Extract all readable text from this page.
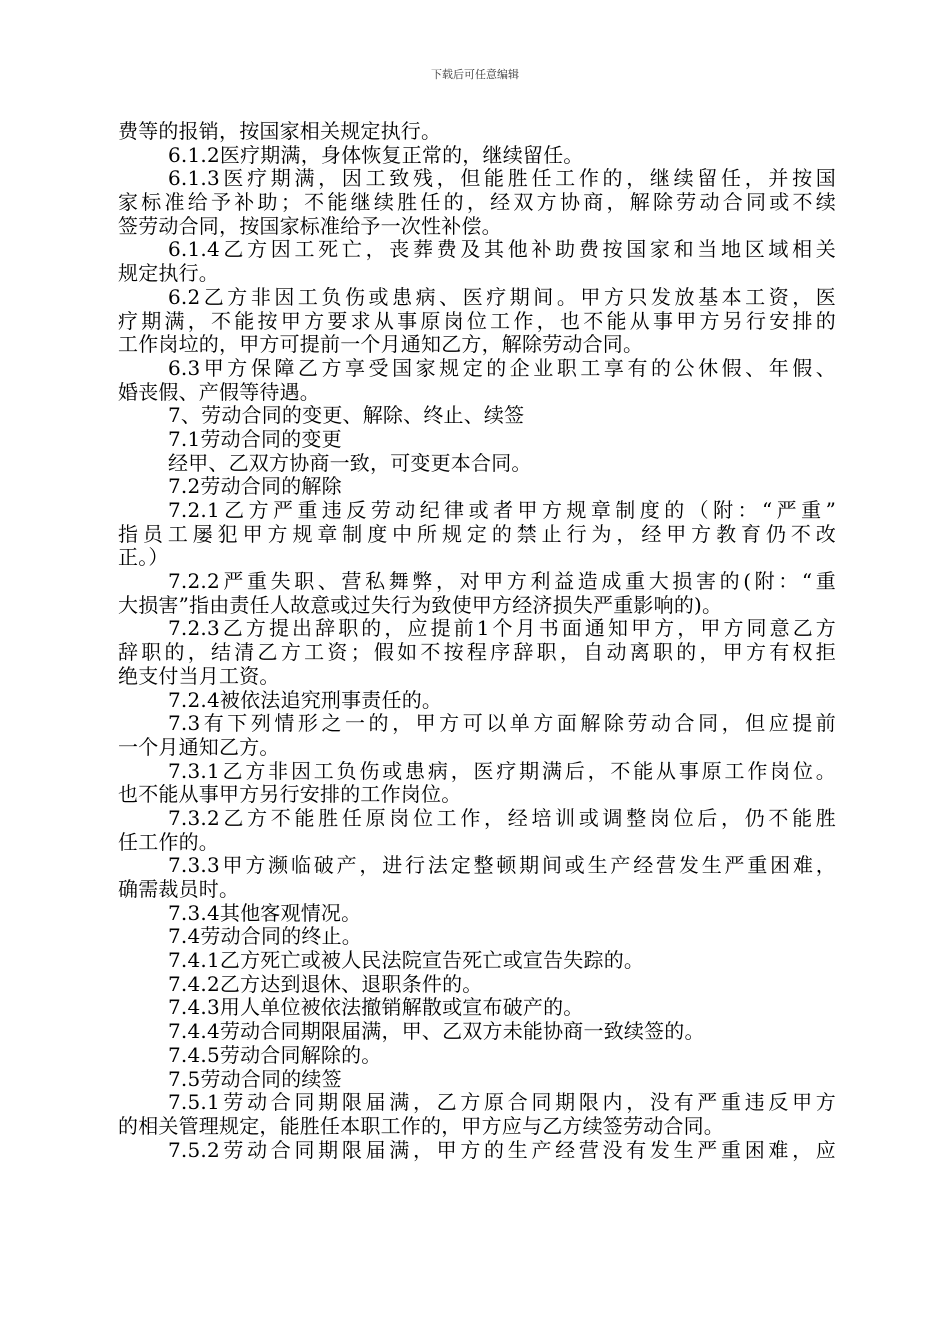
下载后可任意编辑
费等的报销，按国家相关规定执行。
6.1.2医疗期满，身体恢复正常的，继续留任。
6.1.3医疗期满，因工致残，但能胜任工作的，继续留任，并按国
家标准给予补助；不能继续胜任的，经双方协商，解除劳动合同或不续
签劳动合同，按国家标准给予一次性补偿。
6.1.4乙方因工死亡，丧葬费及其他补助费按国家和当地区域相关
规定执行。
6.2乙方非因工负伤或患病、医疗期间。甲方只发放基本工资，医
疗期满，不能按甲方要求从事原岗位工作，也不能从事甲方另行安排的
工作岗垃的，甲方可提前一个月通知乙方，解除劳动合同。
6.3甲方保障乙方享受国家规定的企业职工享有的公休假、年假、
婚丧假、产假等待遇。
7、劳动合同的变更、解除、终止、续签
7.1劳动合同的变更
经甲、乙双方协商一致，可变更本合同。
7.2劳动合同的解除
7.2.1乙方严重违反劳动纪律或者甲方规章制度的（附：“严重”
指员工屡犯甲方规章制度中所规定的禁止行为，经甲方教育仍不改
正。）
7.2.2严重失职、营私舞弊，对甲方利益造成重大损害的(附：“重
大损害”指由责任人故意或过失行为致使甲方经济损失严重影响的)。
7.2.3乙方提出辞职的，应提前1个月书面通知甲方，甲方同意乙方
辞职的，结清乙方工资；假如不按程序辞职，自动离职的，甲方有权拒
绝支付当月工资。
7.2.4被依法追究刑事责任的。
7.3有下列情形之一的，甲方可以单方面解除劳动合同，但应提前
一个月通知乙方。
7.3.1乙方非因工负伤或患病，医疗期满后，不能从事原工作岗位。
也不能从事甲方另行安排的工作岗位。
7.3.2乙方不能胜任原岗位工作，经培训或调整岗位后，仍不能胜
任工作的。
7.3.3甲方濒临破产，进行法定整顿期间或生产经营发生严重困难，
确需裁员时。
7.3.4其他客观情况。
7.4劳动合同的终止。
7.4.1乙方死亡或被人民法院宣告死亡或宣告失踪的。
7.4.2乙方达到退休、退职条件的。
7.4.3用人单位被依法撤销解散或宣布破产的。
7.4.4劳动合同期限届满，甲、乙双方未能协商一致续签的。
7.4.5劳动合同解除的。
7.5劳动合同的续签
7.5.1劳动合同期限届满，乙方原合同期限内，没有严重违反甲方
的相关管理规定，能胜任本职工作的，甲方应与乙方续签劳动合同。
7.5.2劳动合同期限届满，甲方的生产经营没有发生严重困难，应
